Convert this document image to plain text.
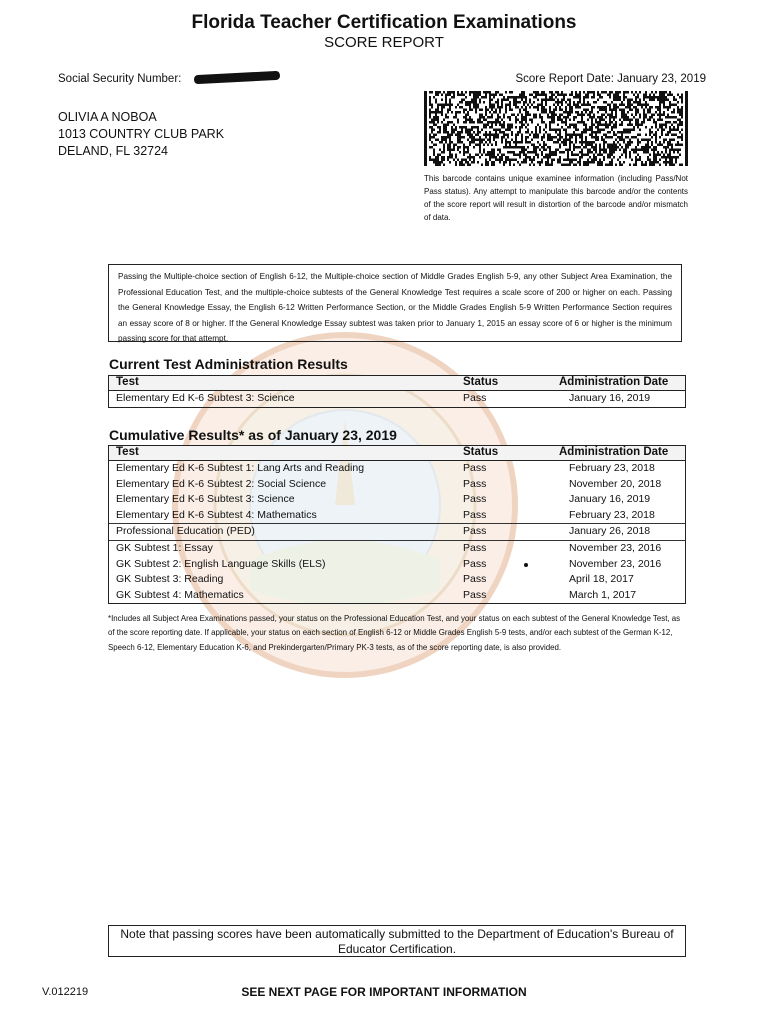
Florida Teacher Certification Examinations
SCORE REPORT
Social Security Number:	Score Report Date: January 23, 2019
OLIVIA A NOBOA
1013 COUNTRY CLUB PARK
DELAND, FL 32724
This barcode contains unique examinee information (including Pass/Not Pass status). Any attempt to manipulate this barcode and/or the contents of the score report will result in distortion of the barcode and/or mismatch of data.
Passing the Multiple-choice section of English 6-12, the Multiple-choice section of Middle Grades English 5-9, any other Subject Area Examination, the Professional Education Test, and the multiple-choice subtests of the General Knowledge Test requires a scale score of 200 or higher on each. Passing the General Knowledge Essay, the English 6-12 Written Performance Section, or the Middle Grades English 5-9 Written Performance Section requires an essay score of 8 or higher. If the General Knowledge Essay subtest was taken prior to January 1, 2015 an essay score of 6 or higher is the minimum passing score for that attempt.
Current Test Administration Results
Test	Status	Administration Date
Elementary Ed K-6 Subtest 3: Science	Pass	January 16, 2019
Cumulative Results* as of January 23, 2019
Test	Status	Administration Date
Elementary Ed K-6 Subtest 1: Lang Arts and Reading	Pass	February 23, 2018
Elementary Ed K-6 Subtest 2: Social Science	Pass	November 20, 2018
Elementary Ed K-6 Subtest 3: Science	Pass	January 16, 2019
Elementary Ed K-6 Subtest 4: Mathematics	Pass	February 23, 2018
Professional Education (PED)	Pass	January 26, 2018
GK Subtest 1: Essay	Pass	November 23, 2016
GK Subtest 2: English Language Skills (ELS)	Pass	November 23, 2016
GK Subtest 3: Reading	Pass	April 18, 2017
GK Subtest 4: Mathematics	Pass	March 1, 2017
*Includes all Subject Area Examinations passed, your status on the Professional Education Test, and your status on each subtest of the General Knowledge Test, as of the score reporting date. If applicable, your status on each section of English 6-12 or Middle Grades English 5-9 tests, and/or each subtest of the German K-12, Speech 6-12, Elementary Education K-6, and Prekindergarten/Primary PK-3 tests, as of the score reporting date, is also provided.
Note that passing scores have been automatically submitted to the Department of Education's Bureau of Educator Certification.
V.012219	SEE NEXT PAGE FOR IMPORTANT INFORMATION
